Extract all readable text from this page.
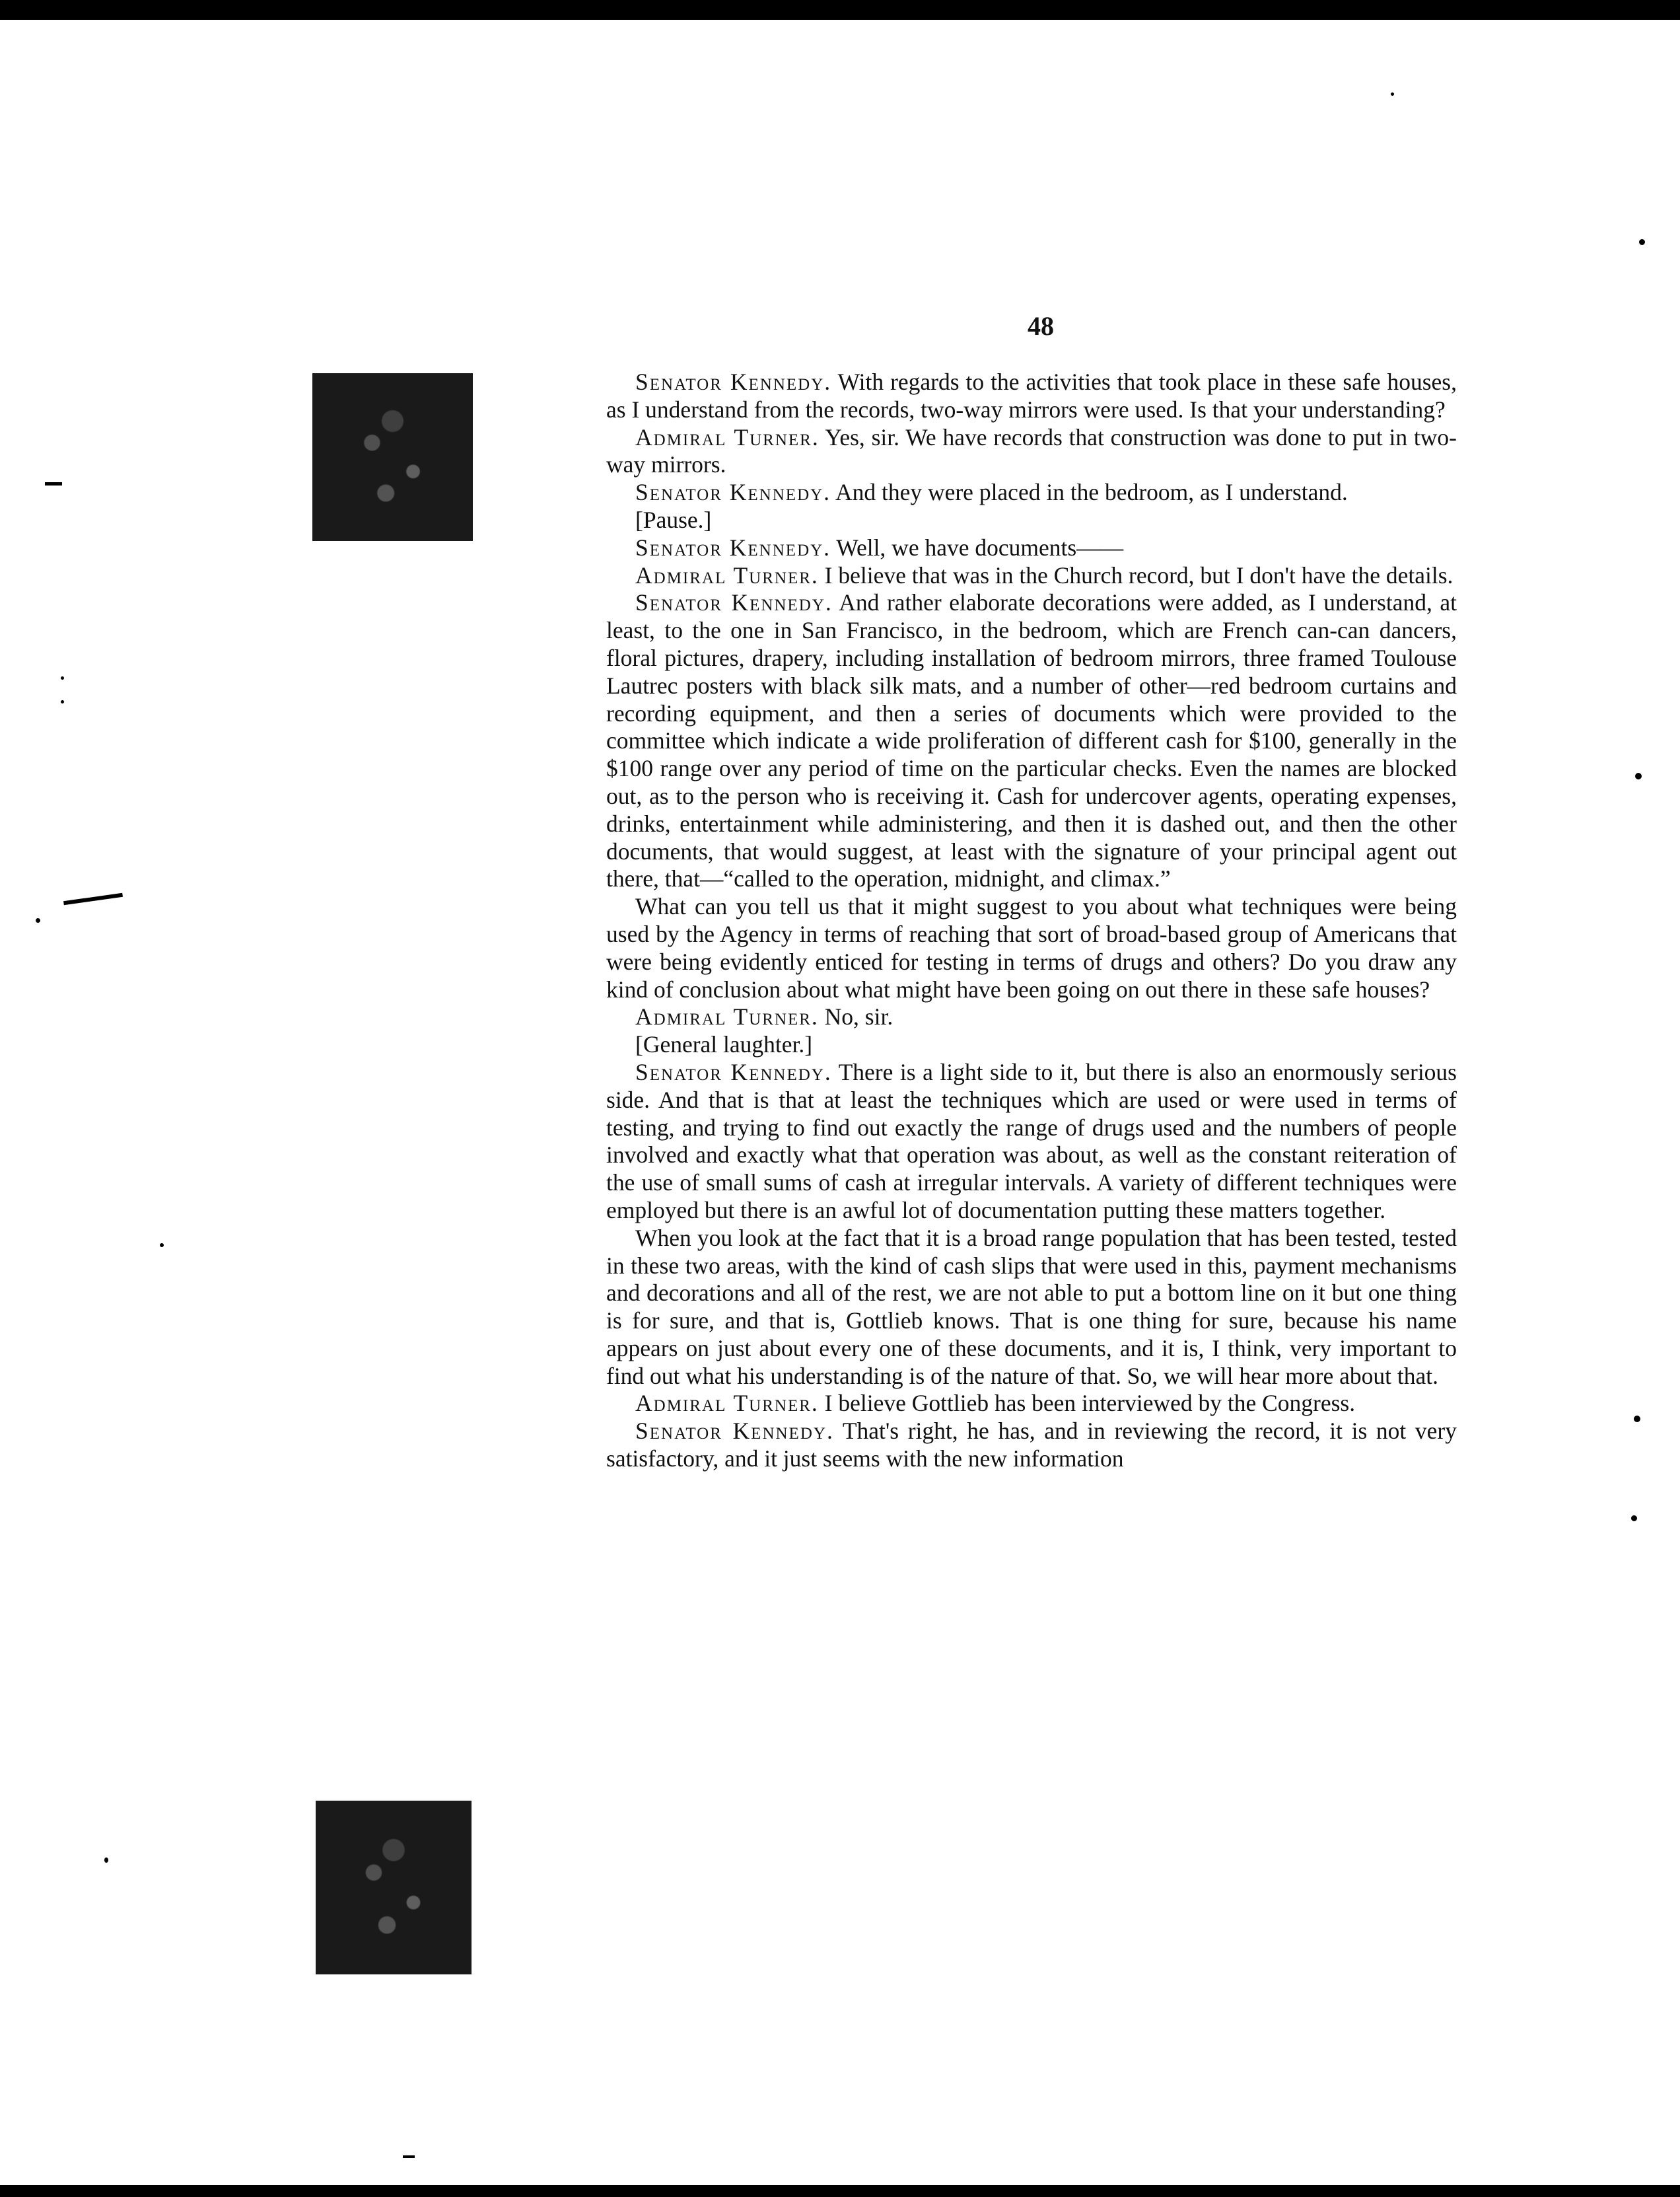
48

Senator Kennedy. With regards to the activities that took place in these safe houses, as I understand from the records, two-way mirrors were used. Is that your understanding?

Admiral Turner. Yes, sir. We have records that construction was done to put in two-way mirrors.

Senator Kennedy. And they were placed in the bedroom, as I understand.

[Pause.]

Senator Kennedy. Well, we have documents——

Admiral Turner. I believe that was in the Church record, but I don't have the details.

Senator Kennedy. And rather elaborate decorations were added, as I understand, at least, to the one in San Francisco, in the bedroom, which are French can-can dancers, floral pictures, drapery, including installation of bedroom mirrors, three framed Toulouse Lautrec posters with black silk mats, and a number of other—red bedroom curtains and recording equipment, and then a series of documents which were provided to the committee which indicate a wide proliferation of different cash for $100, generally in the $100 range over any period of time on the particular checks. Even the names are blocked out, as to the person who is receiving it. Cash for undercover agents, operating expenses, drinks, entertainment while administering, and then it is dashed out, and then the other documents, that would suggest, at least with the signature of your principal agent out there, that—“called to the operation, midnight, and climax.”

What can you tell us that it might suggest to you about what techniques were being used by the Agency in terms of reaching that sort of broad-based group of Americans that were being evidently enticed for testing in terms of drugs and others? Do you draw any kind of conclusion about what might have been going on out there in these safe houses?

Admiral Turner. No, sir.

[General laughter.]

Senator Kennedy. There is a light side to it, but there is also an enormously serious side. And that is that at least the techniques which are used or were used in terms of testing, and trying to find out exactly the range of drugs used and the numbers of people involved and exactly what that operation was about, as well as the constant reiteration of the use of small sums of cash at irregular intervals. A variety of different techniques were employed but there is an awful lot of documentation putting these matters together.

When you look at the fact that it is a broad range population that has been tested, tested in these two areas, with the kind of cash slips that were used in this, payment mechanisms and decorations and all of the rest, we are not able to put a bottom line on it but one thing is for sure, and that is, Gottlieb knows. That is one thing for sure, because his name appears on just about every one of these documents, and it is, I think, very important to find out what his understanding is of the nature of that. So, we will hear more about that.

Admiral Turner. I believe Gottlieb has been interviewed by the Congress.

Senator Kennedy. That's right, he has, and in reviewing the record, it is not very satisfactory, and it just seems with the new information
